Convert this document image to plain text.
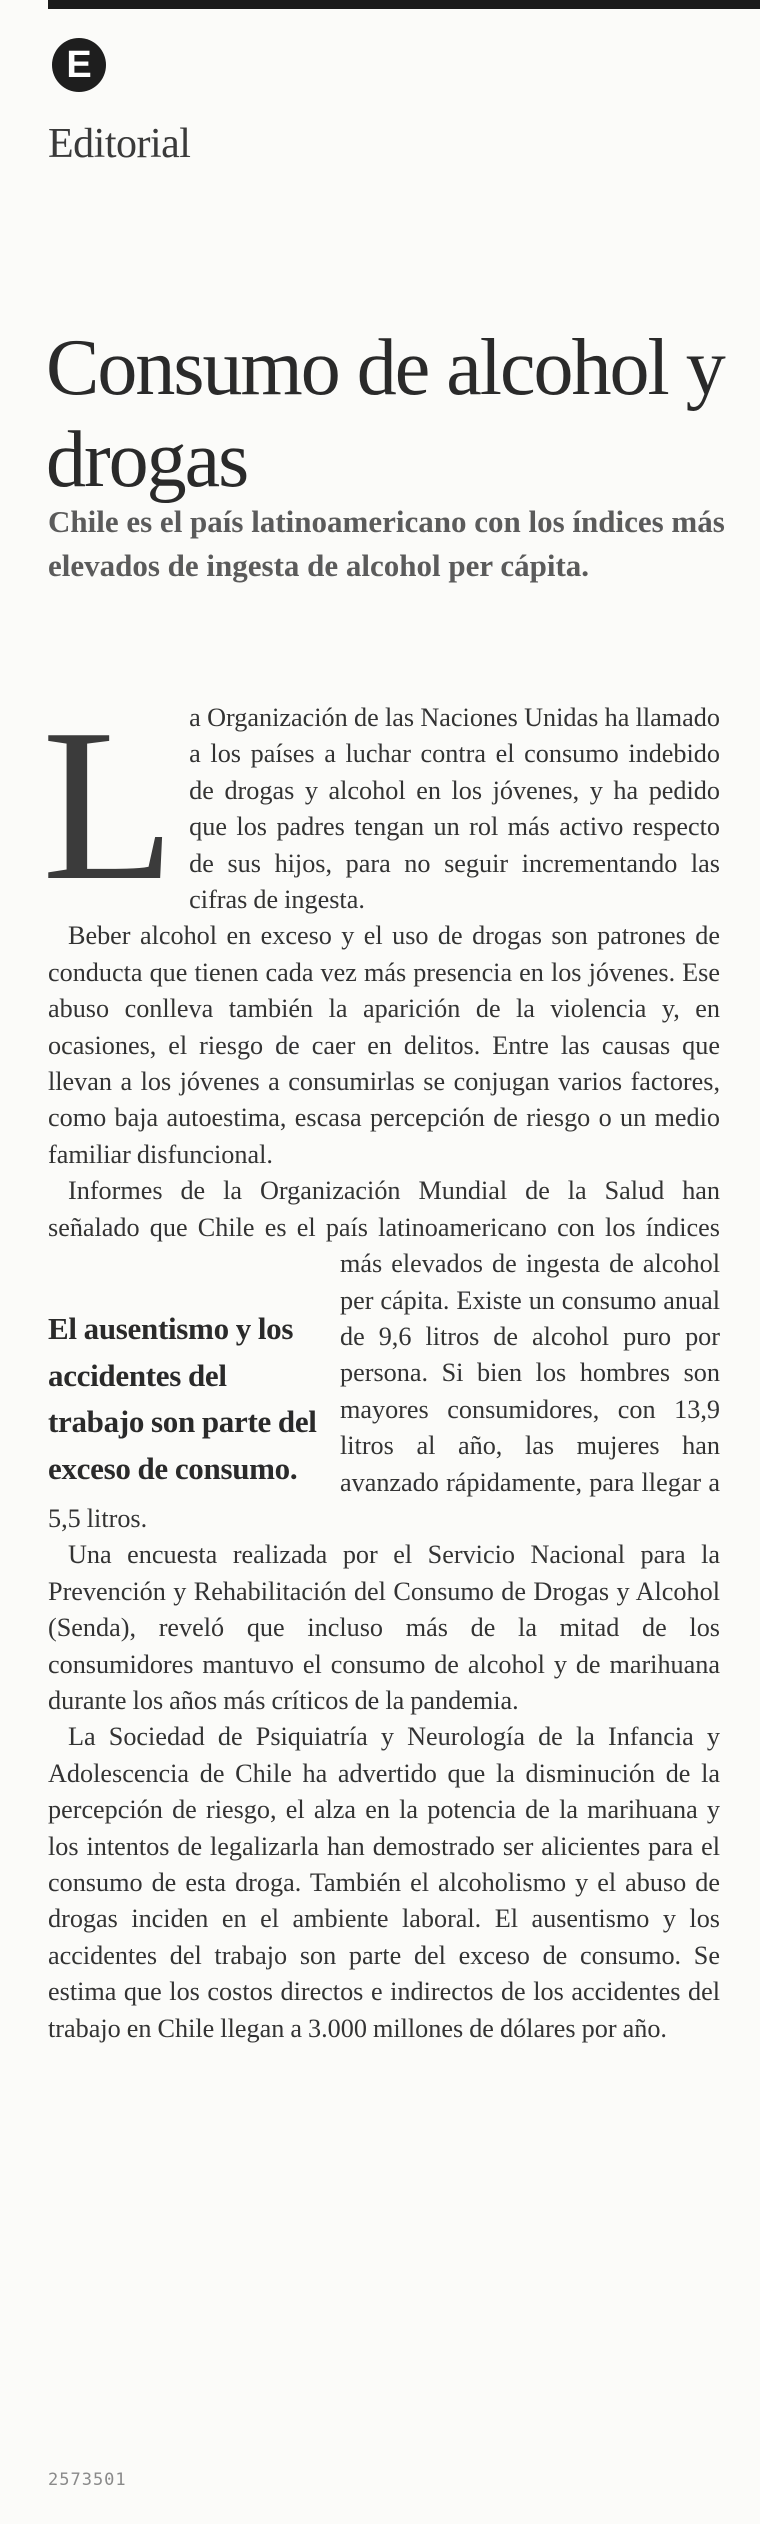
E
Editorial
Consumo de alcohol y drogas
Chile es el país latinoamericano con los índices más elevados de ingesta de alcohol per cápita.

La Organización de las Naciones Unidas ha llamado a los países a luchar contra el consumo indebido de drogas y alcohol en los jóvenes, y ha pedido que los padres tengan un rol más activo respecto de sus hijos, para no seguir incrementando las cifras de ingesta.

Beber alcohol en exceso y el uso de drogas son patrones de conducta que tienen cada vez más presencia en los jóvenes. Ese abuso conlleva también la aparición de la violencia y, en ocasiones, el riesgo de caer en delitos. Entre las causas que llevan a los jóvenes a consumirlas se conjugan varios factores, como baja autoestima, escasa percepción de riesgo o un medio familiar disfuncional.

Informes de la Organización Mundial de la Salud han señalado que Chile es el país latinoamericano
El ausentismo y los accidentes del trabajo son parte del exceso de consumo.
con los índices más elevados de ingesta de alcohol per cápita. Existe un consumo anual de 9,6 litros de alcohol puro por persona. Si bien los hombres son mayores consumidores, con 13,9 litros al año, las mujeres han avanzado rápidamente, para llegar a 5,5 litros.

Una encuesta realizada por el Servicio Nacional para la Prevención y Rehabilitación del Consumo de Drogas y Alcohol (Senda), reveló que incluso más de la mitad de los consumidores mantuvo el consumo de alcohol y de marihuana durante los años más críticos de la pandemia.

La Sociedad de Psiquiatría y Neurología de la Infancia y Adolescencia de Chile ha advertido que la disminución de la percepción de riesgo, el alza en la potencia de la marihuana y los intentos de legalizarla han demostrado ser alicientes para el consumo de esta droga. También el alcoholismo y el abuso de drogas inciden en el ambiente laboral. El ausentismo y los accidentes del trabajo son parte del exceso de consumo. Se estima que los costos directos e indirectos de los accidentes del trabajo en Chile llegan a 3.000 millones de dólares por año.

2573501
